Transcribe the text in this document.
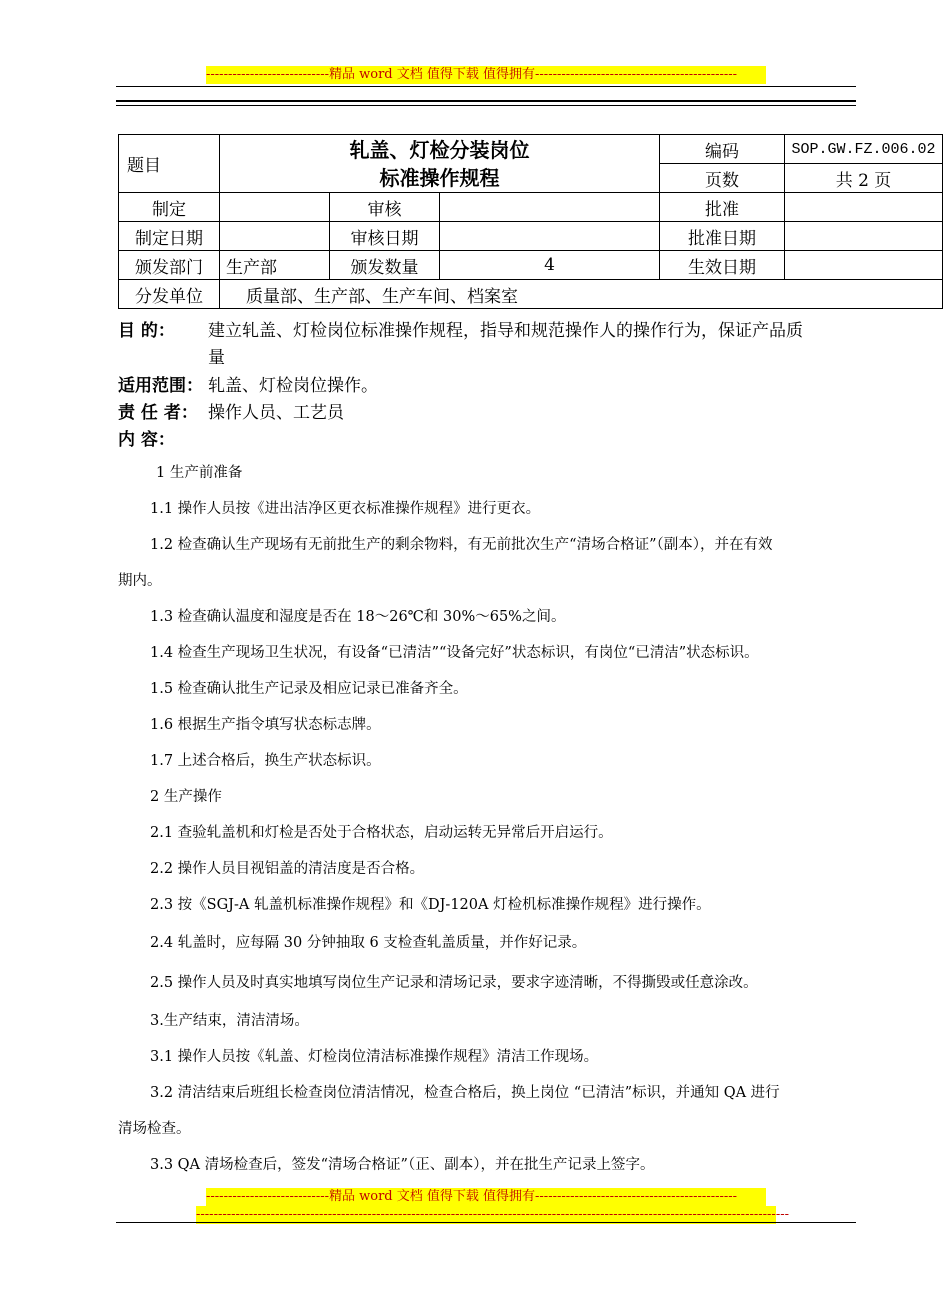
----------------------------精品 word 文档 值得下载 值得拥有----------------------------------------------
题目	轧盖、灯检分装岗位
标准操作规程			编码	SOP.GW.FZ.006.02
				页数	共 2 页
制定		审核		批准	
制定日期		审核日期		批准日期	
颁发部门	生产部	颁发数量	4	生效日期	
分发单位	质量部、生产部、生产车间、档案室				
目 的： 建立轧盖、灯检岗位标准操作规程，指导和规范操作人的操作行为，保证产品质
量
适用范围： 轧盖、灯检岗位操作。
责 任 者： 操作人员、工艺员
内 容：

1 生产前准备

1.1 操作人员按《进出洁净区更衣标准操作规程》进行更衣。

1.2 检查确认生产现场有无前批生产的剩余物料，有无前批次生产“清场合格证”（副本），并在有效

期内。

1.3 检查确认温度和湿度是否在 18～26℃和 30%～65%之间。

1.4 检查生产现场卫生状况，有设备“已清洁”“设备完好”状态标识，有岗位“已清洁”状态标识。

1.5 检查确认批生产记录及相应记录已准备齐全。

1.6 根据生产指令填写状态标志牌。

1.7 上述合格后，换生产状态标识。

2 生产操作

2.1 查验轧盖机和灯检是否处于合格状态，启动运转无异常后开启运行。

2.2 操作人员目视铝盖的清洁度是否合格。

2.3 按《SGJ-A 轧盖机标准操作规程》和《DJ-120A 灯检机标准操作规程》进行操作。

2.4 轧盖时，应每隔 30 分钟抽取 6 支检查轧盖质量，并作好记录。

2.5 操作人员及时真实地填写岗位生产记录和清场记录，要求字迹清晰，不得撕毁或任意涂改。

3.生产结束，清洁清场。

3.1 操作人员按《轧盖、灯检岗位清洁标准操作规程》清洁工作现场。

3.2 清洁结束后班组长检查岗位清洁情况，检查合格后，换上岗位 “已清洁”标识，并通知 QA 进行

清场检查。

3.3 QA 清场检查后，签发“清场合格证”（正、副本），并在批生产记录上签字。

----------------------------精品 word 文档 值得下载 值得拥有----------------------------------------------
---------------------------------------------------------------------------------------------------------------------------------------
